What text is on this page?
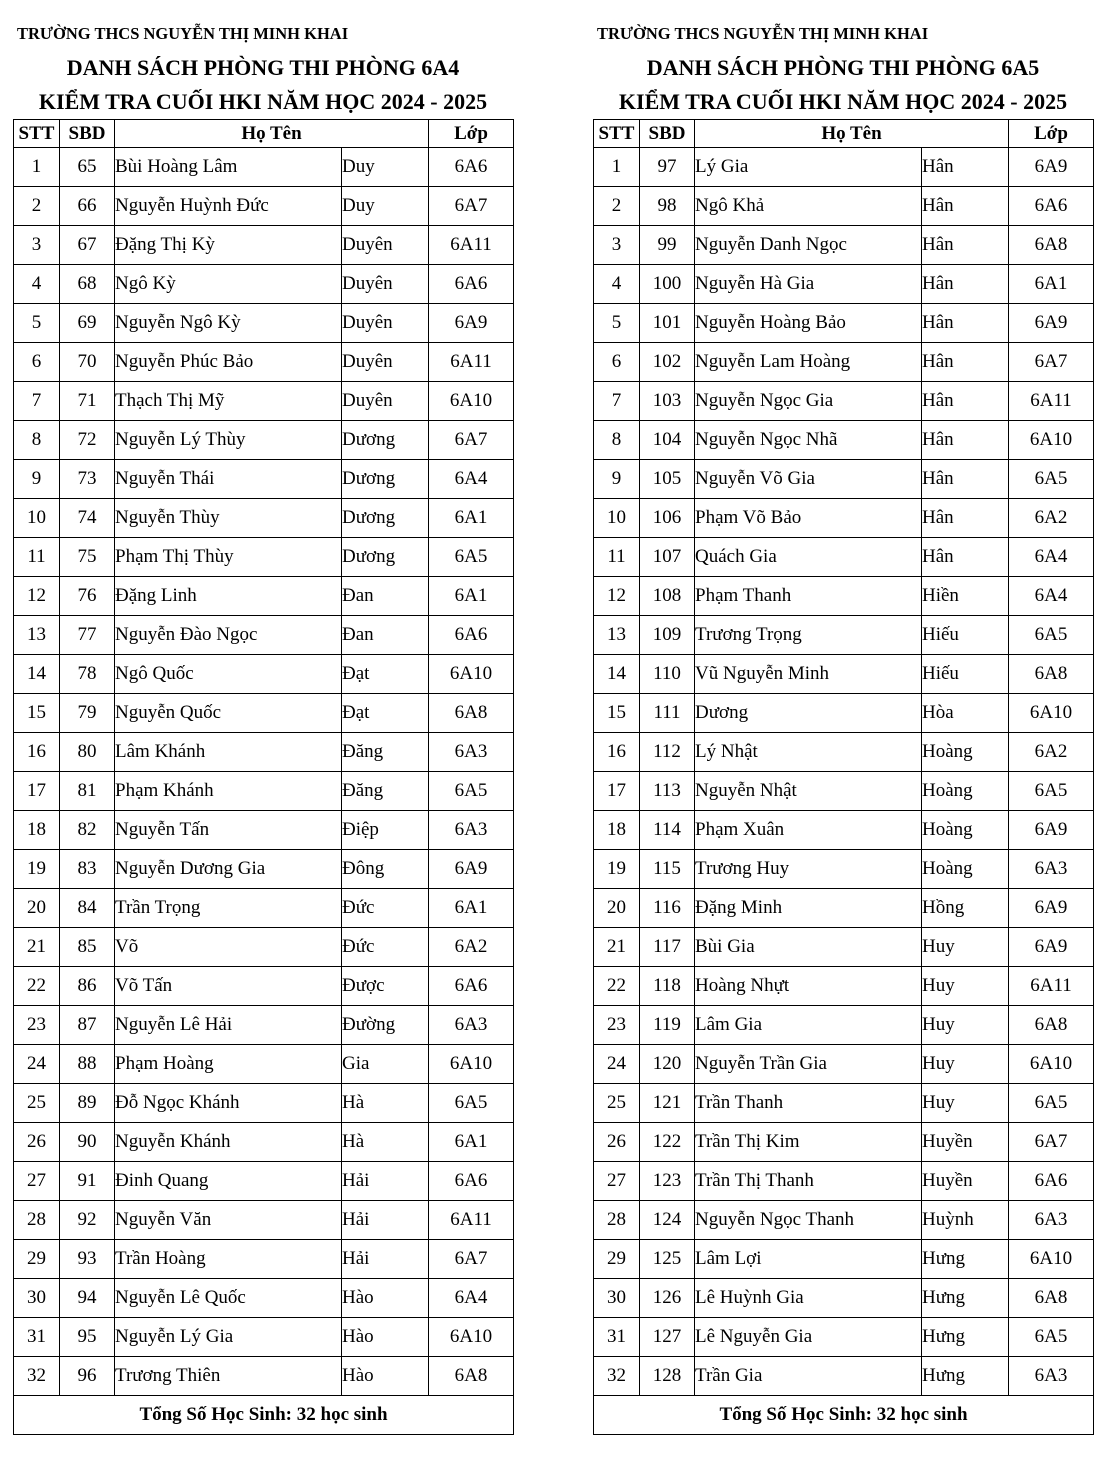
TRƯỜNG THCS NGUYỄN THỊ MINH KHAI
DANH SÁCH PHÒNG THI PHÒNG 6A4
KIỂM TRA CUỐI HKI NĂM HỌC 2024 - 2025
STT	SBD	Họ Tên		Lớp
1	65	Bùi Hoàng Lâm	Duy	6A6
2	66	Nguyễn Huỳnh Đức	Duy	6A7
3	67	Đặng Thị Kỳ	Duyên	6A11
4	68	Ngô Kỳ	Duyên	6A6
5	69	Nguyễn Ngô Kỳ	Duyên	6A9
6	70	Nguyễn Phúc Bảo	Duyên	6A11
7	71	Thạch Thị Mỹ	Duyên	6A10
8	72	Nguyễn Lý Thùy	Dương	6A7
9	73	Nguyễn Thái	Dương	6A4
10	74	Nguyễn Thùy	Dương	6A1
11	75	Phạm Thị Thùy	Dương	6A5
12	76	Đặng Linh	Đan	6A1
13	77	Nguyễn Đào Ngọc	Đan	6A6
14	78	Ngô Quốc	Đạt	6A10
15	79	Nguyễn Quốc	Đạt	6A8
16	80	Lâm Khánh	Đăng	6A3
17	81	Phạm Khánh	Đăng	6A5
18	82	Nguyễn Tấn	Điệp	6A3
19	83	Nguyễn Dương Gia	Đông	6A9
20	84	Trần Trọng	Đức	6A1
21	85	Võ	Đức	6A2
22	86	Võ Tấn	Được	6A6
23	87	Nguyễn Lê Hải	Đường	6A3
24	88	Phạm Hoàng	Gia	6A10
25	89	Đỗ Ngọc Khánh	Hà	6A5
26	90	Nguyễn Khánh	Hà	6A1
27	91	Đinh Quang	Hải	6A6
28	92	Nguyễn Văn	Hải	6A11
29	93	Trần Hoàng	Hải	6A7
30	94	Nguyễn Lê Quốc	Hào	6A4
31	95	Nguyễn Lý Gia	Hào	6A10
32	96	Trương Thiên	Hào	6A8
Tổng Số Học Sinh: 32 học sinh				
TRƯỜNG THCS NGUYỄN THỊ MINH KHAI
DANH SÁCH PHÒNG THI PHÒNG 6A5
KIỂM TRA CUỐI HKI NĂM HỌC 2024 - 2025
STT	SBD	Họ Tên		Lớp
1	97	Lý Gia	Hân	6A9
2	98	Ngô Khả	Hân	6A6
3	99	Nguyễn Danh Ngọc	Hân	6A8
4	100	Nguyễn Hà Gia	Hân	6A1
5	101	Nguyễn Hoàng Bảo	Hân	6A9
6	102	Nguyễn Lam Hoàng	Hân	6A7
7	103	Nguyễn Ngọc Gia	Hân	6A11
8	104	Nguyễn Ngọc Nhã	Hân	6A10
9	105	Nguyễn Võ Gia	Hân	6A5
10	106	Phạm Võ Bảo	Hân	6A2
11	107	Quách Gia	Hân	6A4
12	108	Phạm Thanh	Hiền	6A4
13	109	Trương Trọng	Hiếu	6A5
14	110	Vũ Nguyễn Minh	Hiếu	6A8
15	111	Dương	Hòa	6A10
16	112	Lý Nhật	Hoàng	6A2
17	113	Nguyễn Nhật	Hoàng	6A5
18	114	Phạm Xuân	Hoàng	6A9
19	115	Trương Huy	Hoàng	6A3
20	116	Đặng Minh	Hồng	6A9
21	117	Bùi Gia	Huy	6A9
22	118	Hoàng Nhựt	Huy	6A11
23	119	Lâm Gia	Huy	6A8
24	120	Nguyễn Trần Gia	Huy	6A10
25	121	Trần Thanh	Huy	6A5
26	122	Trần Thị Kim	Huyền	6A7
27	123	Trần Thị Thanh	Huyền	6A6
28	124	Nguyễn Ngọc Thanh	Huỳnh	6A3
29	125	Lâm Lợi	Hưng	6A10
30	126	Lê Huỳnh Gia	Hưng	6A8
31	127	Lê Nguyễn Gia	Hưng	6A5
32	128	Trần Gia	Hưng	6A3
Tổng Số Học Sinh: 32 học sinh				
